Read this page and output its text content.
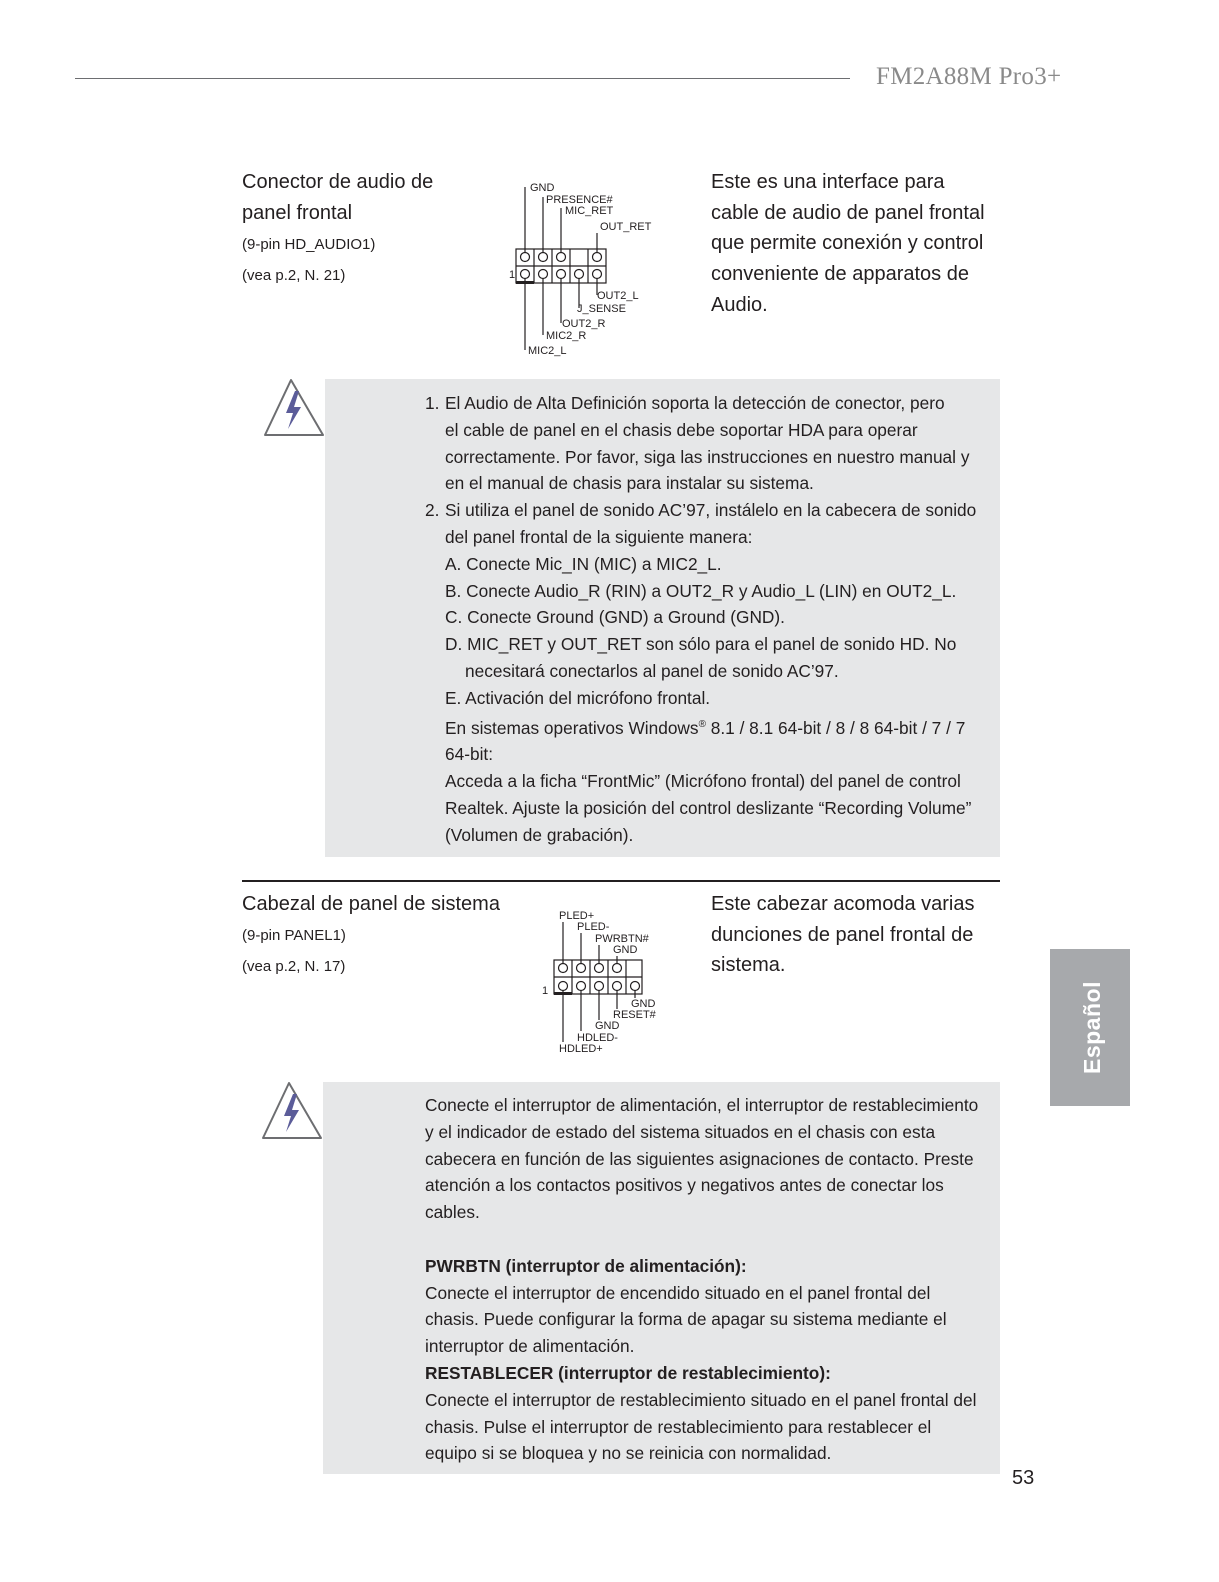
FM2A88M Pro3+
Conector de audio de
panel frontal
(9-pin HD_AUDIO1)
(vea p.2, N. 21)
GND
PRESENCE#
MIC_RET
OUT_RET
OUT2_L
J_SENSE
OUT2_R
MIC2_R
MIC2_L
1
Este es una interface para
cable de audio de panel frontal
que permite conexión y control
conveniente de apparatos de
Audio.
1. El Audio de Alta Definición soporta la detección de conector, pero
el cable de panel en el chasis debe soportar HDA para operar
correctamente. Por favor, siga las instrucciones en nuestro manual y
en el manual de chasis para instalar su sistema.
2. Si utiliza el panel de sonido AC’97, instálelo en la cabecera de sonido
del panel frontal de la siguiente manera:
A. Conecte Mic_IN (MIC) a MIC2_L.
B. Conecte Audio_R (RIN) a OUT2_R y Audio_L (LIN) en OUT2_L.
C. Conecte Ground (GND) a Ground (GND).
D. MIC_RET y OUT_RET son sólo para el panel de sonido HD. No
necesitará conectarlos al panel de sonido AC’97.
E. Activación del micrófono frontal.
En sistemas operativos Windows® 8.1 / 8.1 64-bit / 8 / 8 64-bit / 7 / 7
64-bit:
Acceda a la ficha “FrontMic” (Micrófono frontal) del panel de control
Realtek. Ajuste la posición del control deslizante “Recording Volume”
(Volumen de grabación).
Cabezal de panel de sistema
(9-pin PANEL1)
(vea p.2, N. 17)
PLED+
PLED-
PWRBTN#
GND
GND
RESET#
GND
HDLED-
HDLED+
1
Este cabezar acomoda varias
dunciones de panel frontal de
sistema.
Conecte el interruptor de alimentación, el interruptor de restablecimiento
y el indicador de estado del sistema situados en el chasis con esta
cabecera en función de las siguientes asignaciones de contacto. Preste
atención a los contactos positivos y negativos antes de conectar los
cables.
PWRBTN (interruptor de alimentación):
Conecte el interruptor de encendido situado en el panel frontal del
chasis. Puede configurar la forma de apagar su sistema mediante el
interruptor de alimentación.
RESTABLECER (interruptor de restablecimiento):
Conecte el interruptor de restablecimiento situado en el panel frontal del
chasis. Pulse el interruptor de restablecimiento para restablecer el
equipo si se bloquea y no se reinicia con normalidad.
Español
53
